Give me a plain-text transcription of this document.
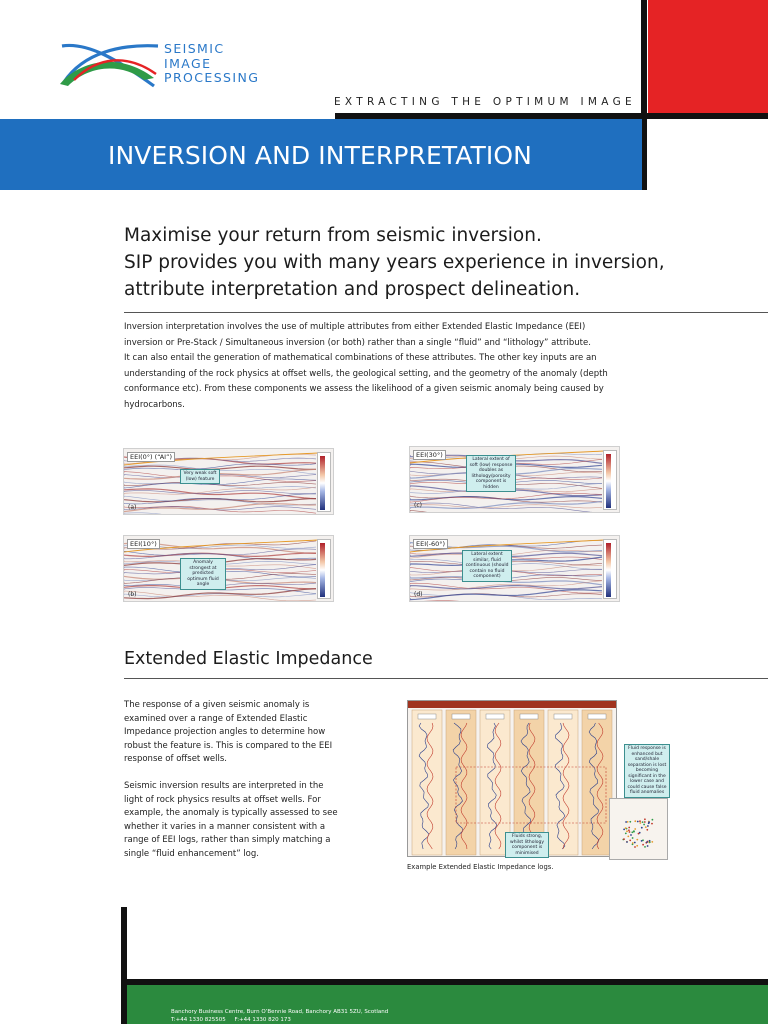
SEISMIC
IMAGE
PROCESSING
EXTRACTING THE OPTIMUM IMAGE
INVERSION AND INTERPRETATION
Maximise your return from seismic inversion.
SIP provides you with many years experience in inversion,
attribute interpretation and prospect delineation.
Inversion interpretation involves the use of multiple attributes from either Extended Elastic Impedance (EEI)
inversion or Pre-Stack / Simultaneous inversion (or both) rather than a single “fluid” and “lithology” attribute.
It can also entail the generation of mathematical combinations of these attributes. The other key inputs are an
understanding of the rock physics at offset wells, the geological setting, and the geometry of the anomaly (depth
conformance etc). From these components we assess the likelihood of a given seismic anomaly being caused by
hydrocarbons.
EEI(0°) (“AI”)
Very weak soft (low) feature
(a)
EEI(30°)
Lateral extent of soft (low) response doubles as lithology/porosity component is hidden
(c)
EEI(10°)
Anomaly strongest at predicted optimum fluid angle
(b)
EEI(-60°)
Lateral extent similar, fluid continuous (should contain no fluid component)
(d)
Extended Elastic Impedance
The response of a given seismic anomaly is
examined over a range of Extended Elastic
Impedance projection angles to determine how
robust the feature is. This is compared to the EEI
response of offset wells.
Seismic inversion results are interpreted in the
light of rock physics results at offset wells. For
example, the anomaly is typically assessed to see
whether it varies in a manner consistent with a
range of EEI logs, rather than simply matching a
single “fluid enhancement” log.
Fluid response is enhanced but sand/shale separation is lost becoming significant in the lower case and could cause false fluid anomalies
Fluids strong, whilst lithology component is minimised
Example Extended Elastic Impedance logs.
Banchory Business Centre, Burn O’Bennie Road, Banchory AB31 5ZU, Scotland
T:+44 1330 825505 F:+44 1330 820 173
